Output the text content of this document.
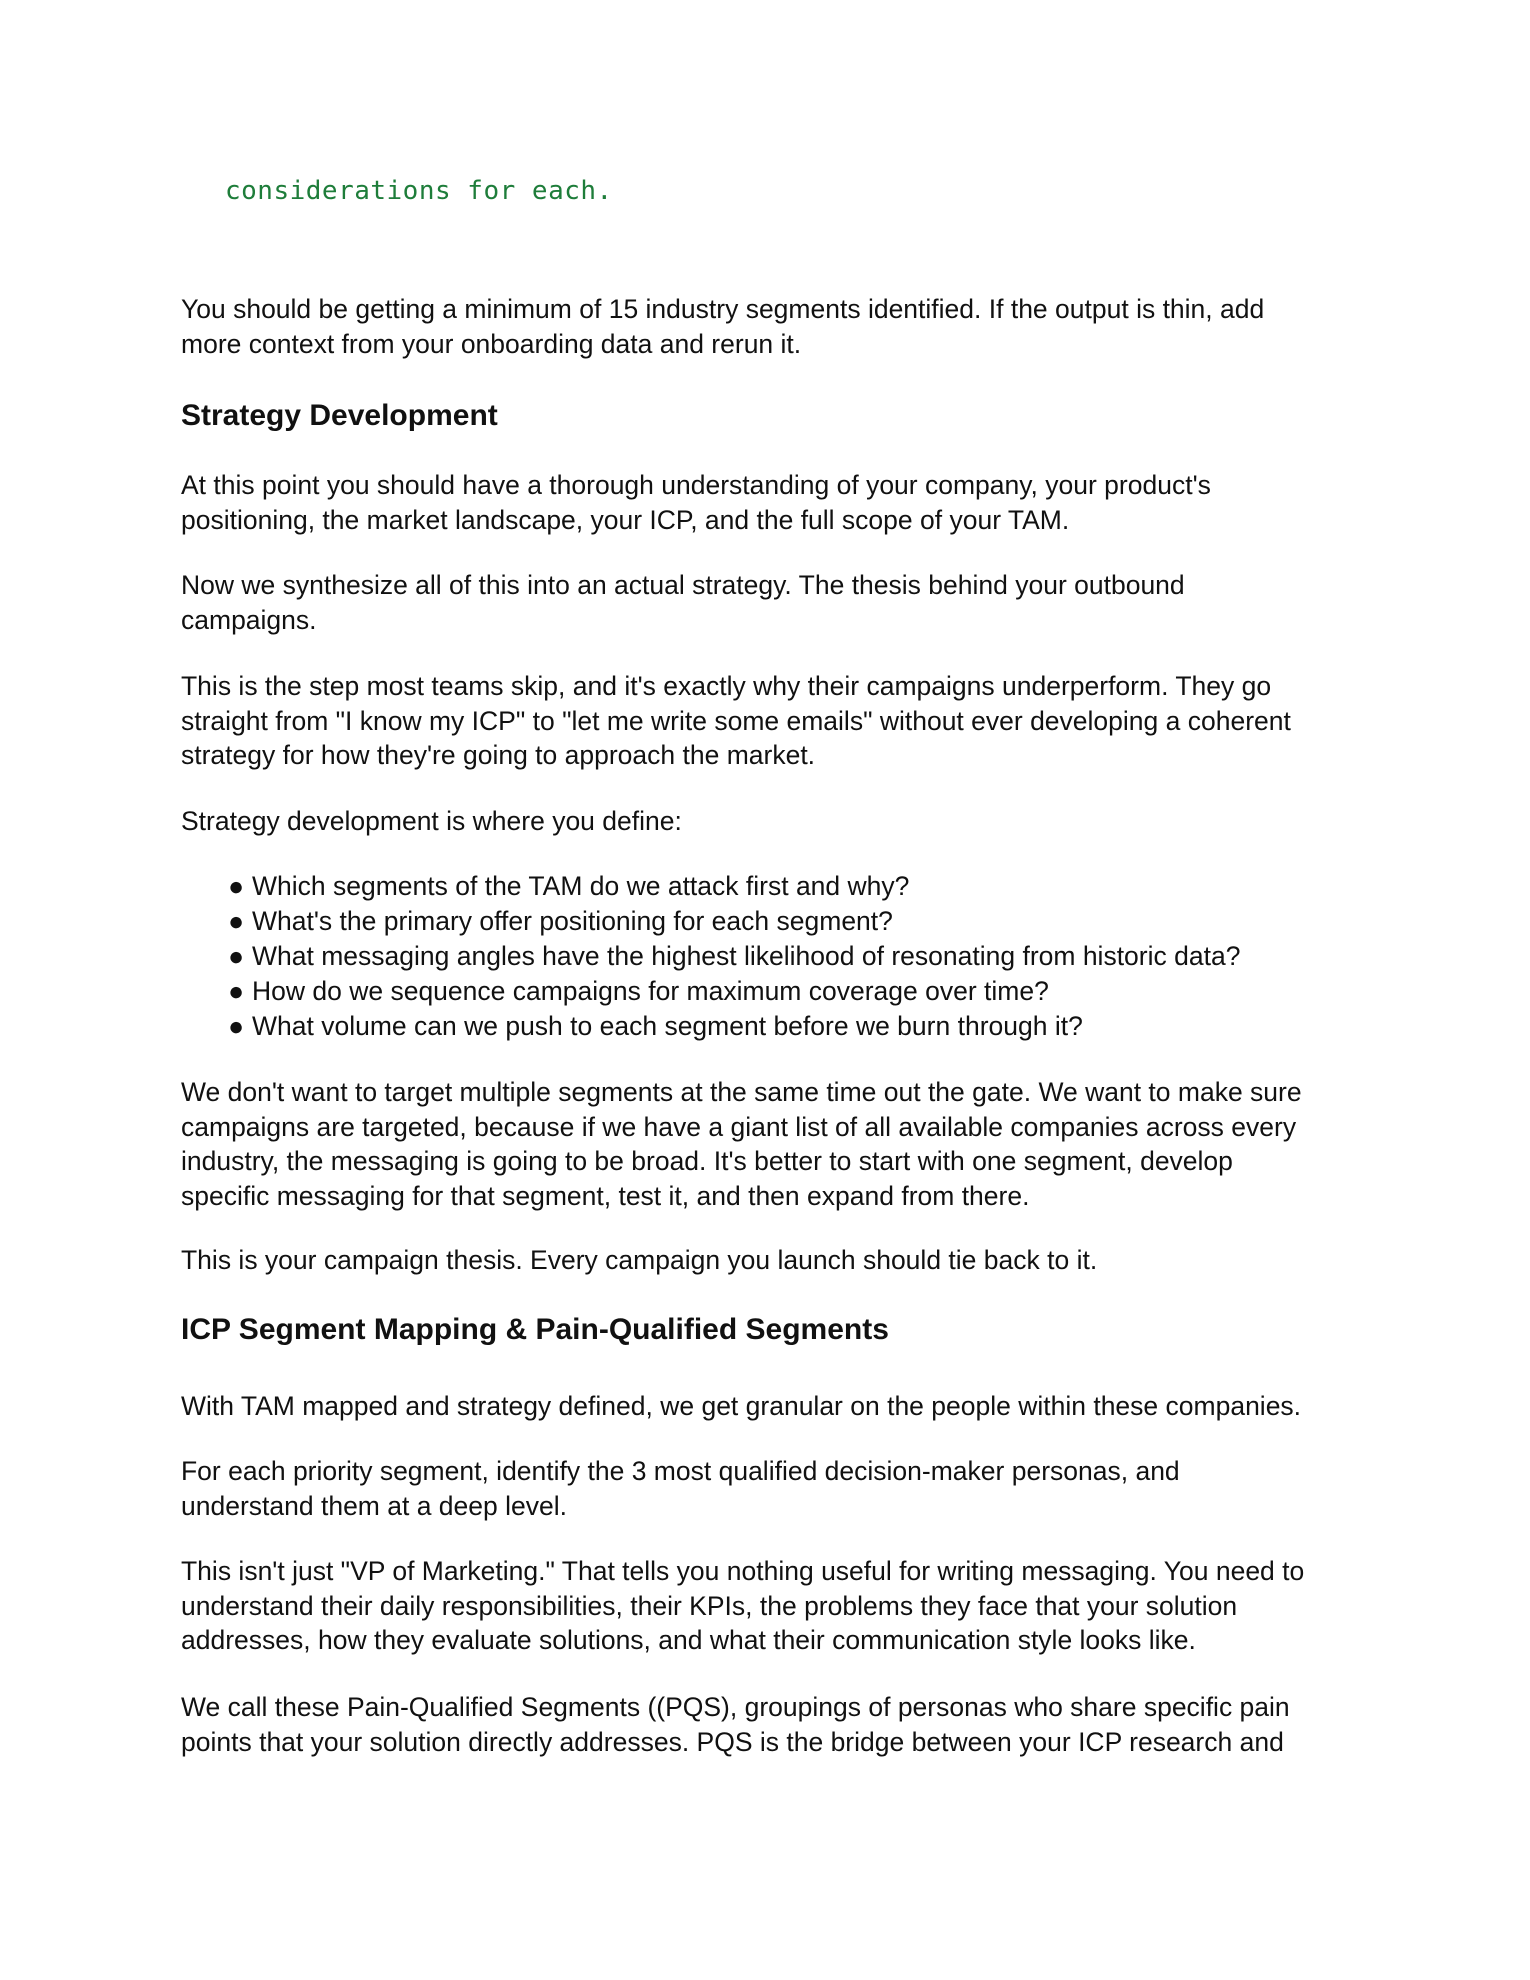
considerations for each.

You should be getting a minimum of 15 industry segments identified. If the output is thin, add
more context from your onboarding data and rerun it.

Strategy Development

At this point you should have a thorough understanding of your company, your product's
positioning, the market landscape, your ICP, and the full scope of your TAM.

Now we synthesize all of this into an actual strategy. The thesis behind your outbound
campaigns.

This is the step most teams skip, and it's exactly why their campaigns underperform. They go
straight from "I know my ICP" to "let me write some emails" without ever developing a coherent
strategy for how they're going to approach the market.

Strategy development is where you define:

● Which segments of the TAM do we attack first and why?
● What's the primary offer positioning for each segment?
● What messaging angles have the highest likelihood of resonating from historic data?
● How do we sequence campaigns for maximum coverage over time?
● What volume can we push to each segment before we burn through it?

We don't want to target multiple segments at the same time out the gate. We want to make sure
campaigns are targeted, because if we have a giant list of all available companies across every
industry, the messaging is going to be broad. It's better to start with one segment, develop
specific messaging for that segment, test it, and then expand from there.

This is your campaign thesis. Every campaign you launch should tie back to it.

ICP Segment Mapping & Pain-Qualified Segments

With TAM mapped and strategy defined, we get granular on the people within these companies.

For each priority segment, identify the 3 most qualified decision-maker personas, and
understand them at a deep level.

This isn't just "VP of Marketing." That tells you nothing useful for writing messaging. You need to
understand their daily responsibilities, their KPIs, the problems they face that your solution
addresses, how they evaluate solutions, and what their communication style looks like.

We call these Pain-Qualified Segments ((PQS), groupings of personas who share specific pain
points that your solution directly addresses. PQS is the bridge between your ICP research and
